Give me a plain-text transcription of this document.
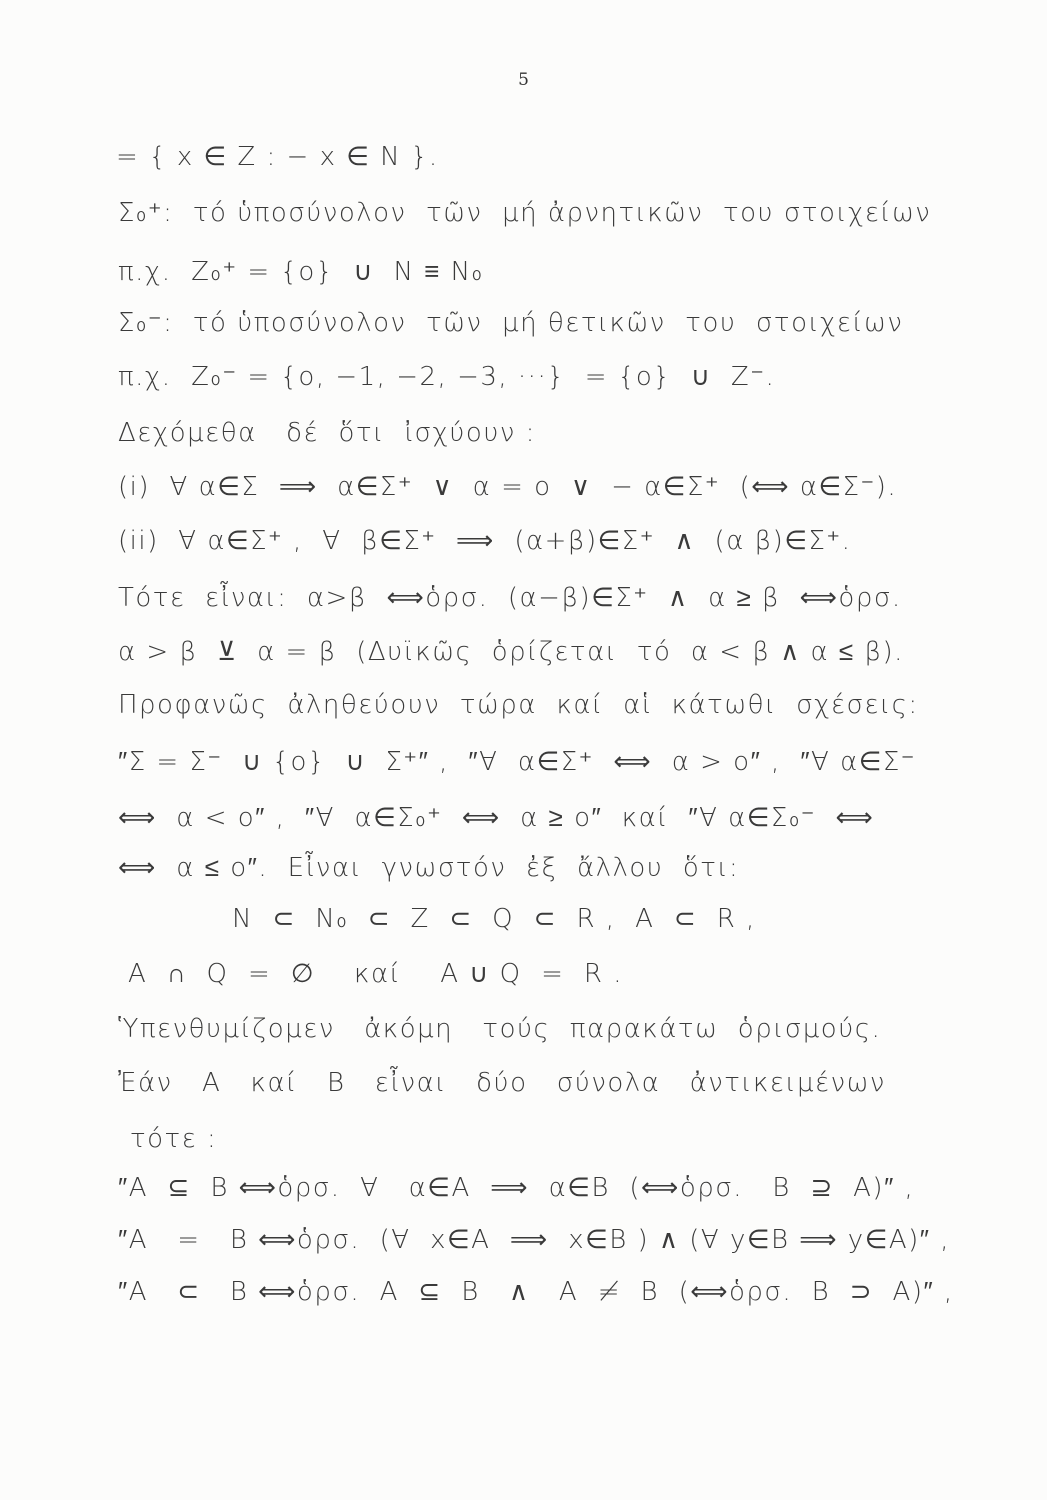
5
= { x ∈ Z : − x ∈ N }.
Σ₀⁺:  τό ὑποσύνολον  τῶν  μή ἀρνητικῶν  του στοιχείων
π.χ.  Z₀⁺ = {o}  ∪  N ≡ N₀
Σ₀⁻:  τό ὑποσύνολον  τῶν  μή θετικῶν  του  στοιχείων
π.χ.  Z₀⁻ = {o, −1, −2, −3, ···}  = {o}  ∪  Z⁻.
Δεχόμεθα   δέ  ὅτι  ἰσχύουν :
(i)  ∀ α∈Σ  ⟹  α∈Σ⁺  ∨  α = o  ∨  − α∈Σ⁺  (⟺ α∈Σ⁻).
(ii)  ∀ α∈Σ⁺ ,  ∀  β∈Σ⁺  ⟹  (α+β)∈Σ⁺  ∧  (α β)∈Σ⁺.
Τότε  εἶναι:  α>β  ⟺ὁρσ.  (α−β)∈Σ⁺  ∧  α ≥ β  ⟺ὁρσ.
α > β  ⊻  α = β  (Δυϊκῶς  ὁρίζεται  τό  α < β ∧ α ≤ β).
Προφανῶς  ἀληθεύουν  τώρα  καί  αἱ  κάτωθι  σχέσεις:
″Σ = Σ⁻  ∪ {o}  ∪  Σ⁺″ ,  ″∀  α∈Σ⁺  ⟺  α > o″ ,  ″∀ α∈Σ⁻
⟺  α < o″ ,  ″∀  α∈Σ₀⁺  ⟺  α ≥ o″  καί  ″∀ α∈Σ₀⁻  ⟺
⟺  α ≤ o″.  Εἶναι  γνωστόν  ἐξ  ἄλλου  ὅτι:
N  ⊂  N₀  ⊂  Z  ⊂  Q  ⊂  R ,  A  ⊂  R ,
A  ∩  Q  =  ∅    καί    A ∪ Q  =  R .
Ὑπενθυμίζομεν   ἀκόμη   τούς  παρακάτω  ὁρισμούς.
Ἐάν   A   καί   B   εἶναι   δύο   σύνολα   ἀντικειμένων
τότε :
″A  ⊆  B ⟺ὁρσ.  ∀   α∈A  ⟹  α∈B  (⟺ὁρσ.   B  ⊇  A)″ ,
″A   =   B ⟺ὁρσ.  (∀  x∈A  ⟹  x∈B ) ∧ (∀ y∈B ⟹ y∈A)″ ,
″A   ⊂   B ⟺ὁρσ.  A  ⊆  B   ∧   A  ≠  B  (⟺ὁρσ.  B  ⊃  A)″ ,
